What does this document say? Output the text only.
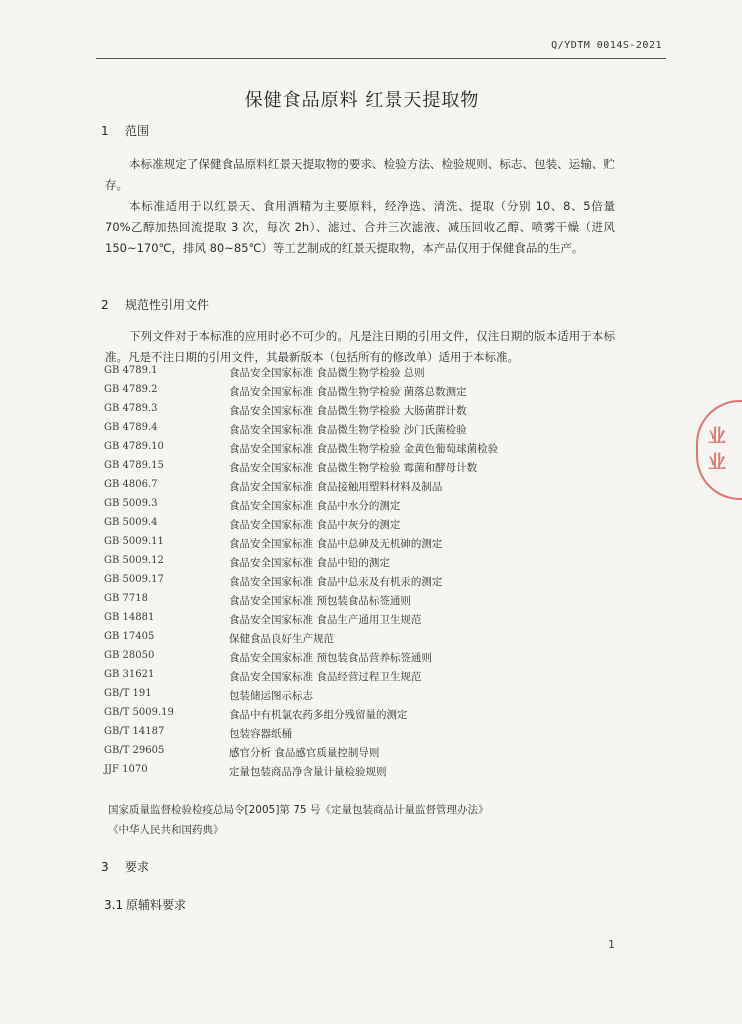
Q/YDTM 0014S-2021
保健食品原料 红景天提取物
1 范围
本标准规定了保健食品原料红景天提取物的要求、检验方法、检验规则、标志、包装、运输、贮存。
本标准适用于以红景天、食用酒精为主要原料，经净选、清洗、提取（分别 10、8、5倍量 70%乙醇加热回流提取 3 次，每次 2h）、滤过、合并三次滤液、减压回收乙醇、喷雾干燥（进风 150~170℃，排风 80~85℃）等工艺制成的红景天提取物，本产品仅用于保健食品的生产。
2 规范性引用文件
下列文件对于本标准的应用时必不可少的。凡是注日期的引用文件，仅注日期的版本适用于本标准。凡是不注日期的引用文件，其最新版本（包括所有的修改单）适用于本标准。
GB 4789.1	食品安全国家标准 食品微生物学检验 总则
GB 4789.2	食品安全国家标准 食品微生物学检验 菌落总数测定
GB 4789.3	食品安全国家标准 食品微生物学检验 大肠菌群计数
GB 4789.4	食品安全国家标准 食品微生物学检验 沙门氏菌检验
GB 4789.10	食品安全国家标准 食品微生物学检验 金黄色葡萄球菌检验
GB 4789.15	食品安全国家标准 食品微生物学检验 霉菌和酵母计数
GB 4806.7	食品安全国家标准 食品接触用塑料材料及制品
GB 5009.3	食品安全国家标准 食品中水分的测定
GB 5009.4	食品安全国家标准 食品中灰分的测定
GB 5009.11	食品安全国家标准 食品中总砷及无机砷的测定
GB 5009.12	食品安全国家标准 食品中铅的测定
GB 5009.17	食品安全国家标准 食品中总汞及有机汞的测定
GB 7718	食品安全国家标准 预包装食品标签通则
GB 14881	食品安全国家标准 食品生产通用卫生规范
GB 17405	保健食品良好生产规范
GB 28050	食品安全国家标准 预包装食品营养标签通则
GB 31621	食品安全国家标准 食品经营过程卫生规范
GB/T 191	包装储运图示标志
GB/T 5009.19	食品中有机氯农药多组分残留量的测定
GB/T 14187	包装容器纸桶
GB/T 29605	感官分析 食品感官质量控制导则
JJF 1070	定量包装商品净含量计量检验规则
国家质量监督检验检疫总局令[2005]第 75 号《定量包装商品计量监督管理办法》
《中华人民共和国药典》
3 要求
3.1 原辅料要求
1
业
业
